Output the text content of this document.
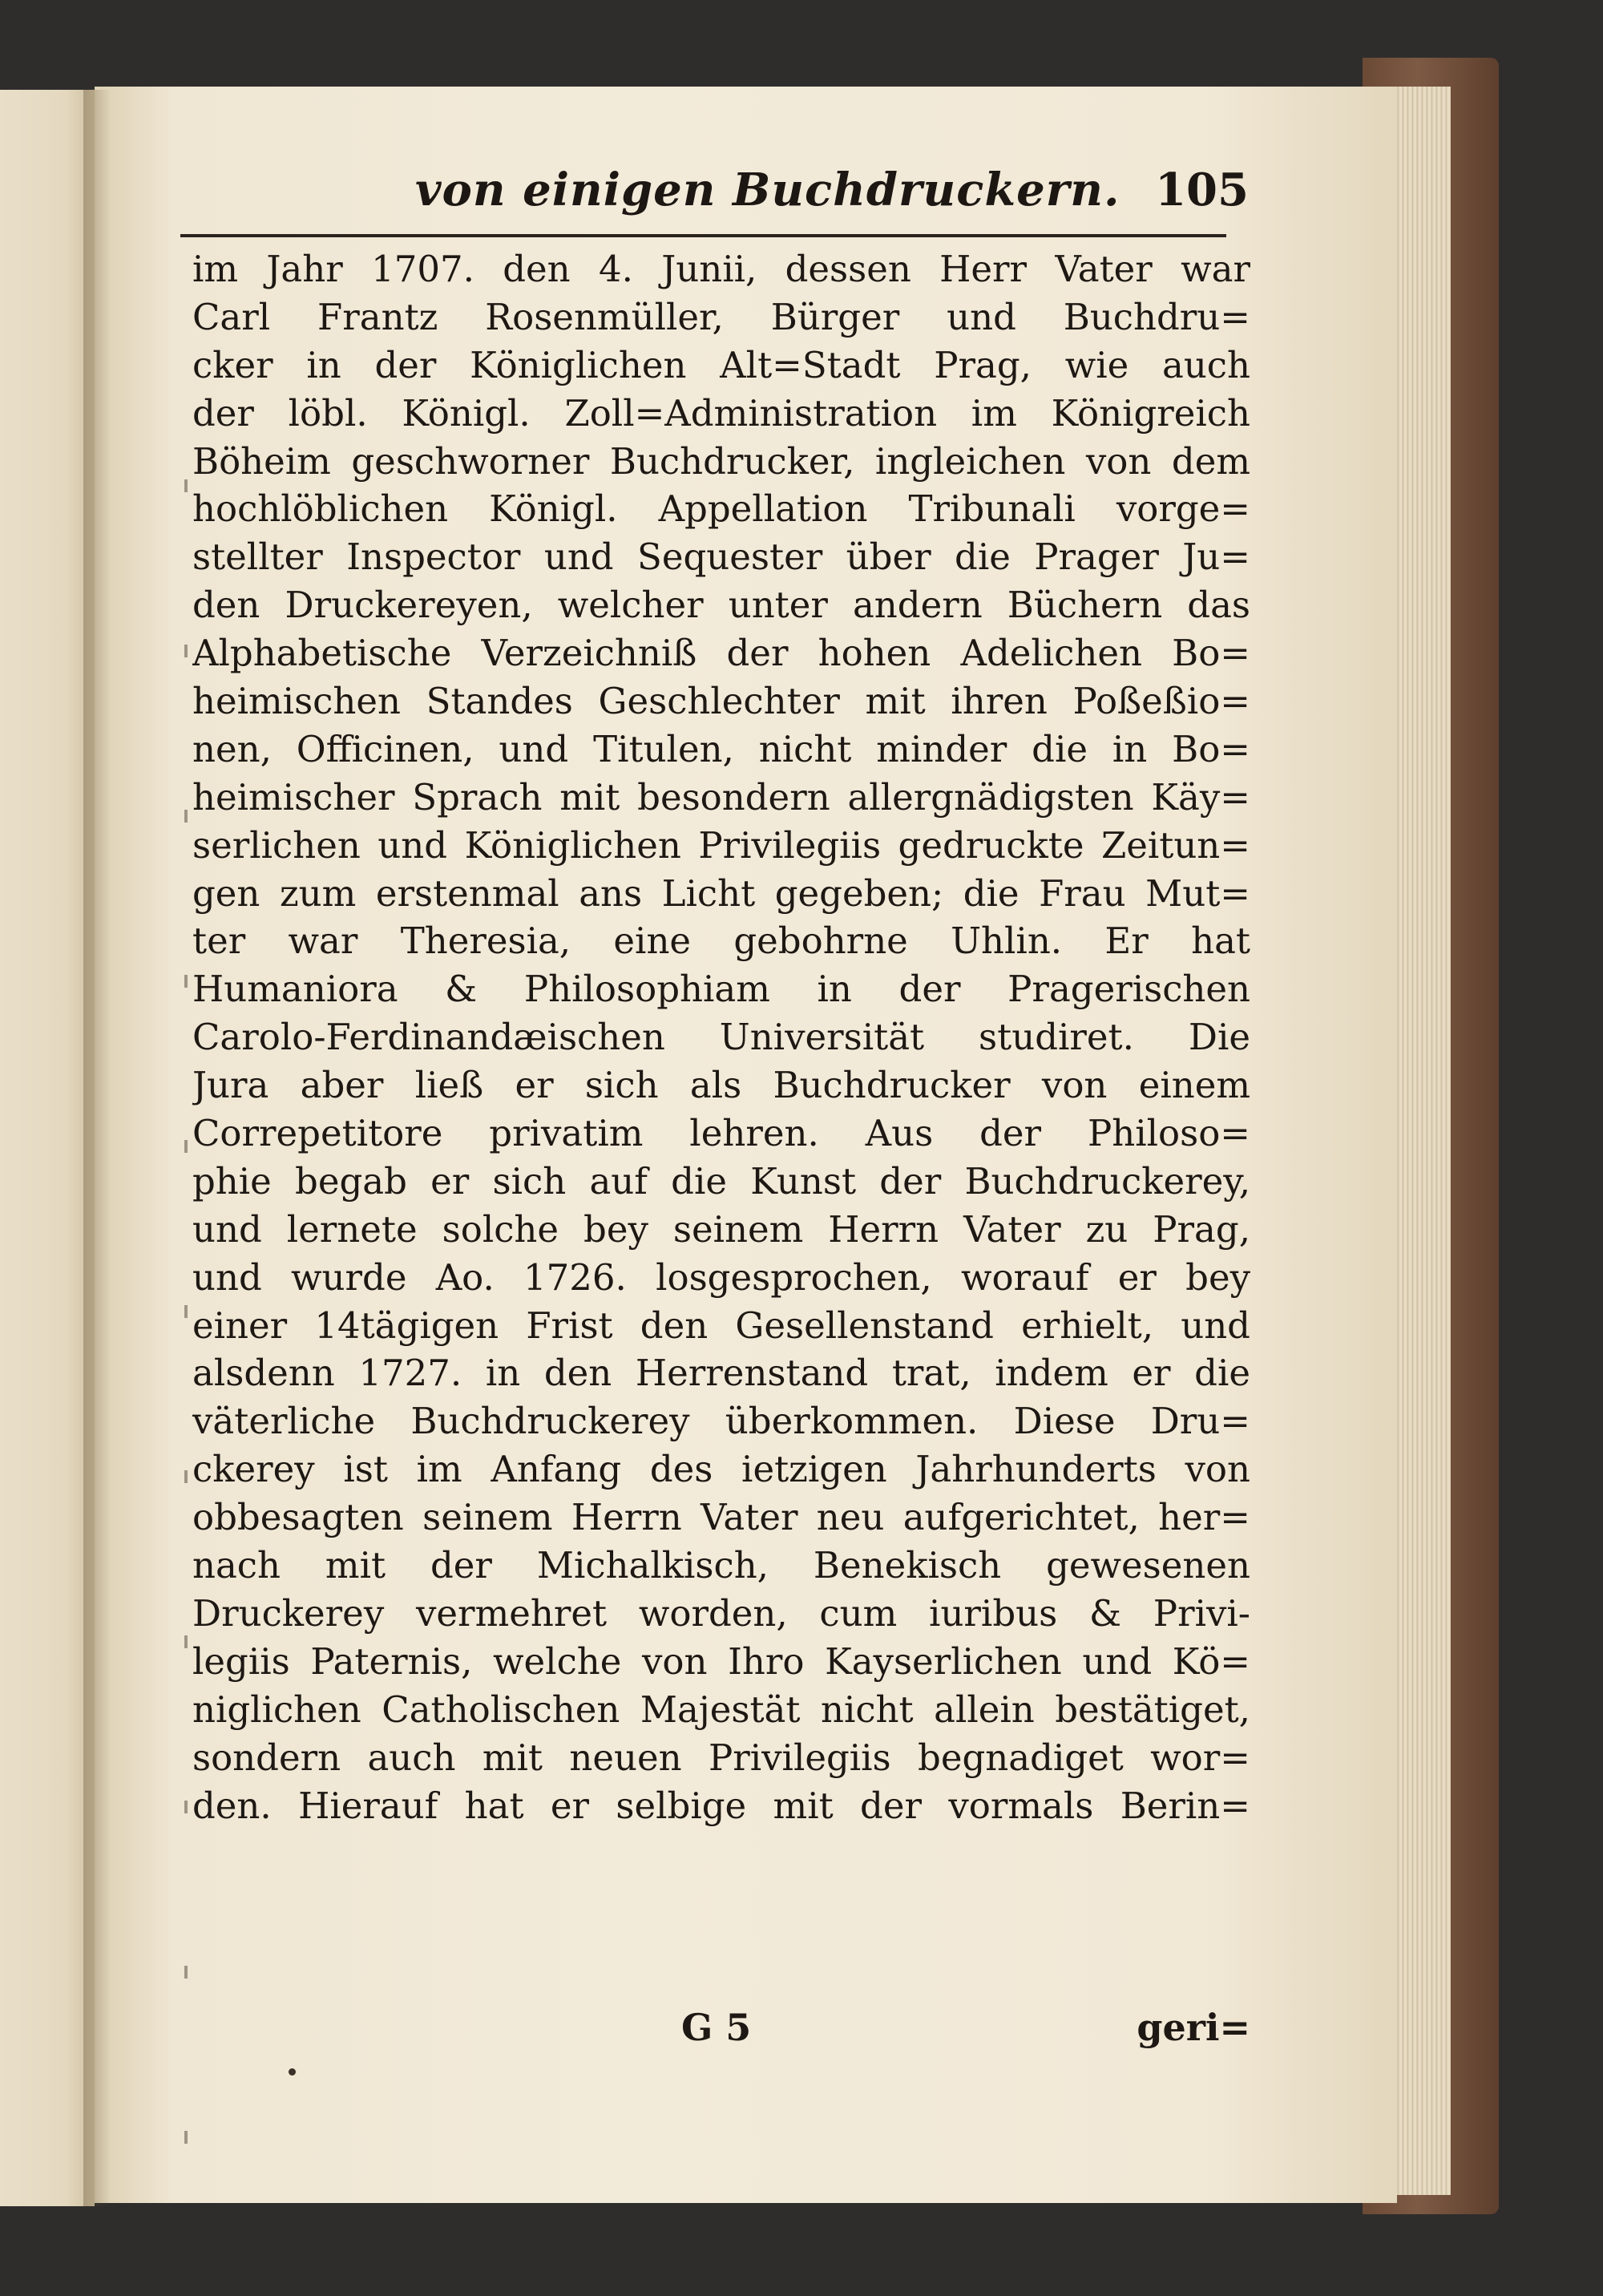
von einigen Buchdruckern. 105
im Jahr 1707. den 4. Junii, dessen Herr Vater war
Carl Frantz Rosenmüller, Bürger und Buchdru=
cker in der Königlichen Alt=Stadt Prag, wie auch
der löbl. Königl. Zoll=Administration im Königreich
Böheim geschworner Buchdrucker, ingleichen von dem
hochlöblichen Königl. Appellation Tribunali vorge=
stellter Inspector und Sequester über die Prager Ju=
den Druckereyen, welcher unter andern Büchern das
Alphabetische Verzeichniß der hohen Adelichen Bo=
heimischen Standes Geschlechter mit ihren Poßeßio=
nen, Officinen, und Titulen, nicht minder die in Bo=
heimischer Sprach mit besondern allergnädigsten Käy=
serlichen und Königlichen Privilegiis gedruckte Zeitun=
gen zum erstenmal ans Licht gegeben; die Frau Mut=
ter war Theresia, eine gebohrne Uhlin. Er hat
Humaniora & Philosophiam in der Pragerischen
Carolo-Ferdinandæischen Universität studiret. Die
Jura aber ließ er sich als Buchdrucker von einem
Correpetitore privatim lehren. Aus der Philoso=
phie begab er sich auf die Kunst der Buchdruckerey,
und lernete solche bey seinem Herrn Vater zu Prag,
und wurde Ao. 1726. losgesprochen, worauf er bey
einer 14tägigen Frist den Gesellenstand erhielt, und
alsdenn 1727. in den Herrenstand trat, indem er die
väterliche Buchdruckerey überkommen. Diese Dru=
ckerey ist im Anfang des ietzigen Jahrhunderts von
obbesagten seinem Herrn Vater neu aufgerichtet, her=
nach mit der Michalkisch, Benekisch gewesenen
Druckerey vermehret worden, cum iuribus & Privi-
legiis Paternis, welche von Ihro Kayserlichen und Kö=
niglichen Catholischen Majestät nicht allein bestätiget,
sondern auch mit neuen Privilegiis begnadiget wor=
den. Hierauf hat er selbige mit der vormals Berin=
G 5	geri=
